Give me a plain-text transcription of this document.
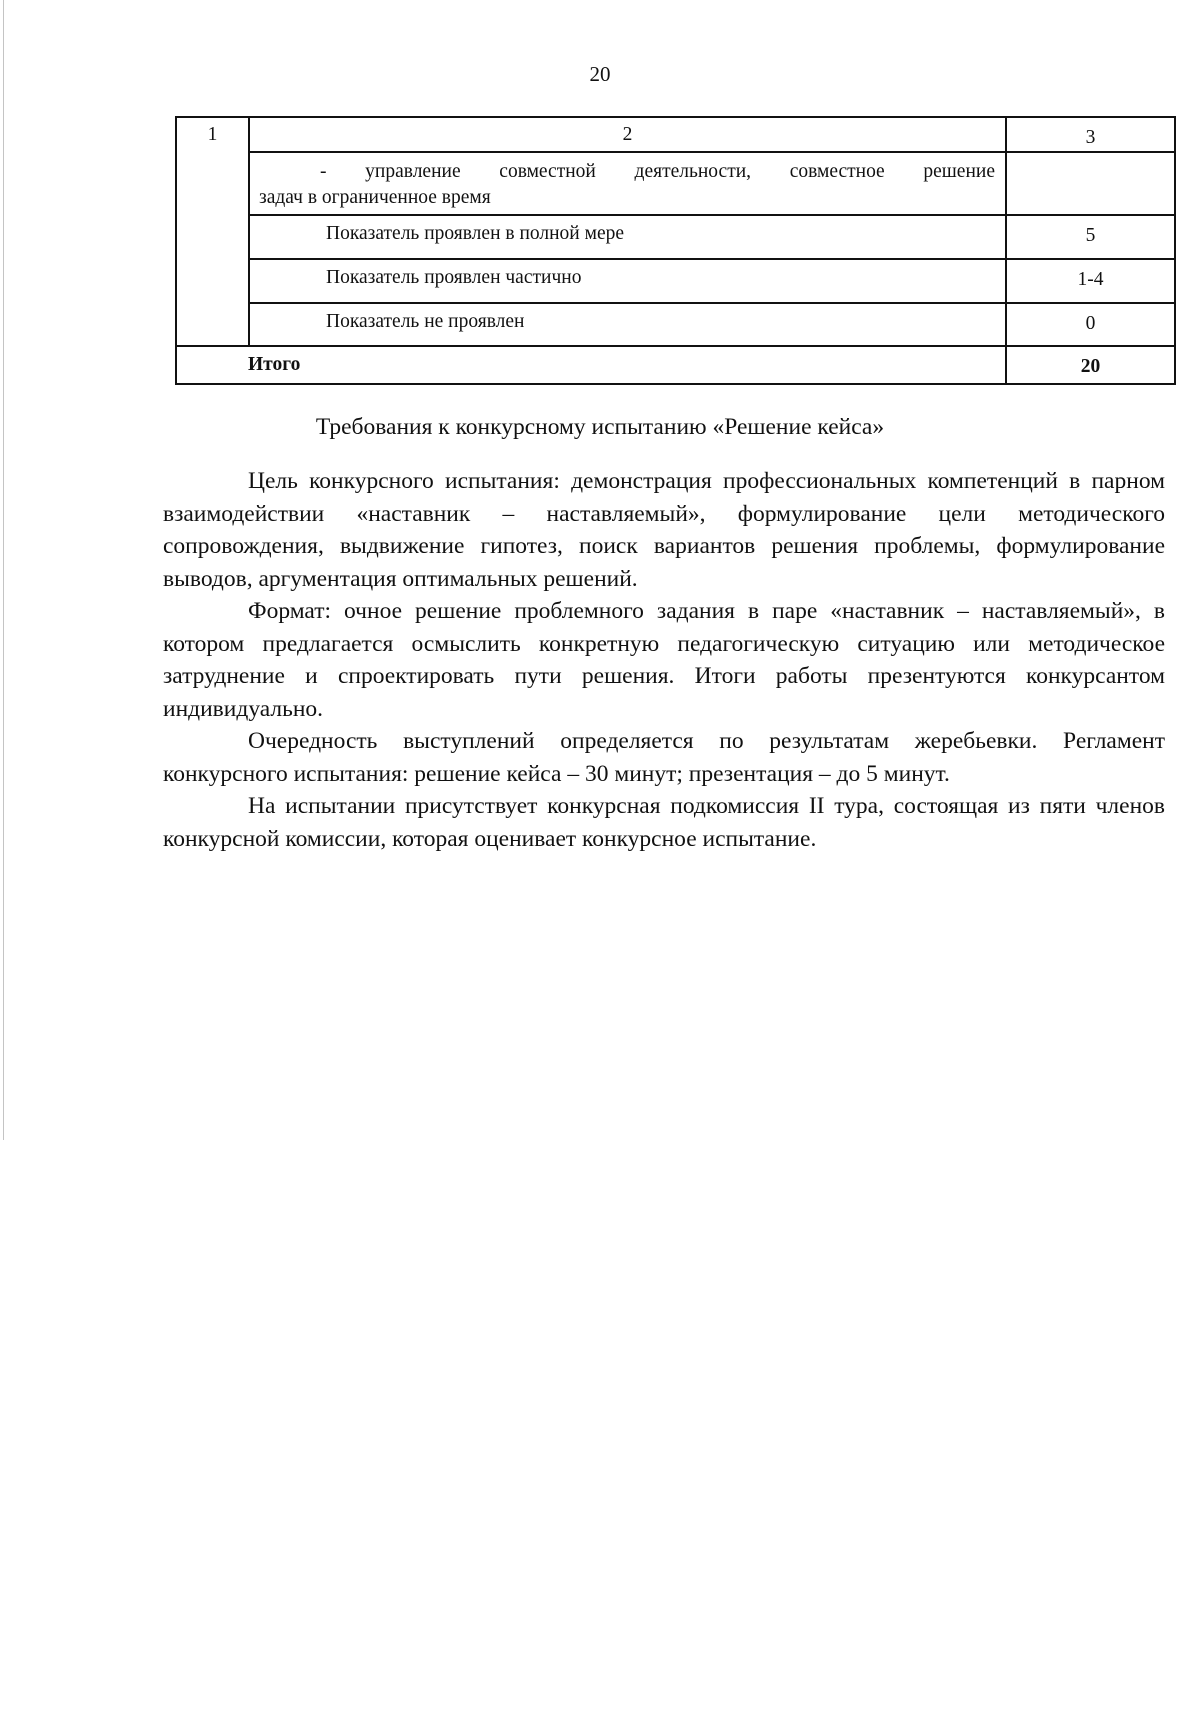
20
1	2	3
- управление совместной деятельности, совместное решение
задач в ограниченное время
Показатель проявлен в полной мере	5
Показатель проявлен частично	1-4
Показатель не проявлен	0
Итого	20
Требования к конкурсному испытанию «Решение кейса»

Цель конкурсного испытания: демонстрация профессиональных компетенций в парном взаимодействии «наставник – наставляемый», формулирование цели методического сопровождения, выдвижение гипотез, поиск вариантов решения проблемы, формулирование выводов, аргументация оптимальных решений.

Формат: очное решение проблемного задания в паре «наставник – наставляемый», в котором предлагается осмыслить конкретную педагогическую ситуацию или методическое затруднение и спроектировать пути решения. Итоги работы презентуются конкурсантом индивидуально.

Очередность выступлений определяется по результатам жеребьевки. Регламент конкурсного испытания: решение кейса – 30 минут; презентация – до 5 минут.

На испытании присутствует конкурсная подкомиссия II тура, состоящая из пяти членов конкурсной комиссии, которая оценивает конкурсное испытание.
